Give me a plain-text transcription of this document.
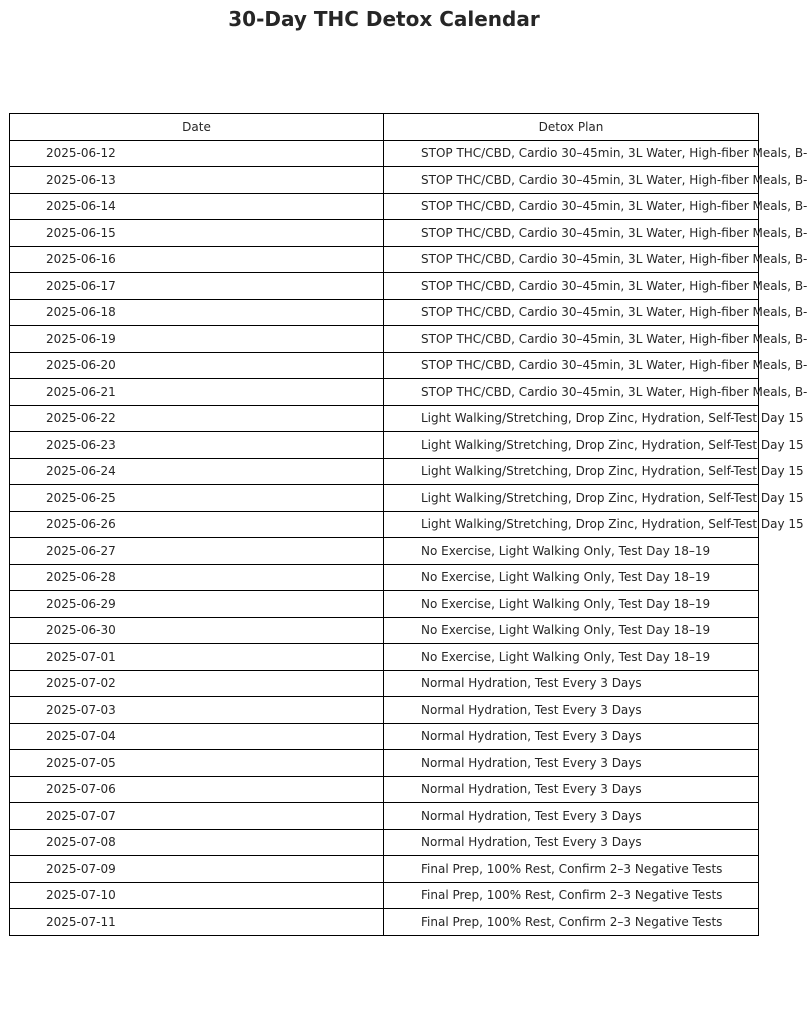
30-Day THC Detox Calendar
Date	Detox Plan
2025-06-12	STOP THC/CBD, Cardio 30–45min, 3L Water, High-fiber Meals, B-
2025-06-13	STOP THC/CBD, Cardio 30–45min, 3L Water, High-fiber Meals, B-
2025-06-14	STOP THC/CBD, Cardio 30–45min, 3L Water, High-fiber Meals, B-
2025-06-15	STOP THC/CBD, Cardio 30–45min, 3L Water, High-fiber Meals, B-
2025-06-16	STOP THC/CBD, Cardio 30–45min, 3L Water, High-fiber Meals, B-
2025-06-17	STOP THC/CBD, Cardio 30–45min, 3L Water, High-fiber Meals, B-
2025-06-18	STOP THC/CBD, Cardio 30–45min, 3L Water, High-fiber Meals, B-
2025-06-19	STOP THC/CBD, Cardio 30–45min, 3L Water, High-fiber Meals, B-
2025-06-20	STOP THC/CBD, Cardio 30–45min, 3L Water, High-fiber Meals, B-
2025-06-21	STOP THC/CBD, Cardio 30–45min, 3L Water, High-fiber Meals, B-
2025-06-22	Light Walking/Stretching, Drop Zinc, Hydration, Self-Test Day 15
2025-06-23	Light Walking/Stretching, Drop Zinc, Hydration, Self-Test Day 15
2025-06-24	Light Walking/Stretching, Drop Zinc, Hydration, Self-Test Day 15
2025-06-25	Light Walking/Stretching, Drop Zinc, Hydration, Self-Test Day 15
2025-06-26	Light Walking/Stretching, Drop Zinc, Hydration, Self-Test Day 15
2025-06-27	No Exercise, Light Walking Only, Test Day 18–19
2025-06-28	No Exercise, Light Walking Only, Test Day 18–19
2025-06-29	No Exercise, Light Walking Only, Test Day 18–19
2025-06-30	No Exercise, Light Walking Only, Test Day 18–19
2025-07-01	No Exercise, Light Walking Only, Test Day 18–19
2025-07-02	Normal Hydration, Test Every 3 Days
2025-07-03	Normal Hydration, Test Every 3 Days
2025-07-04	Normal Hydration, Test Every 3 Days
2025-07-05	Normal Hydration, Test Every 3 Days
2025-07-06	Normal Hydration, Test Every 3 Days
2025-07-07	Normal Hydration, Test Every 3 Days
2025-07-08	Normal Hydration, Test Every 3 Days
2025-07-09	Final Prep, 100% Rest, Confirm 2–3 Negative Tests
2025-07-10	Final Prep, 100% Rest, Confirm 2–3 Negative Tests
2025-07-11	Final Prep, 100% Rest, Confirm 2–3 Negative Tests
